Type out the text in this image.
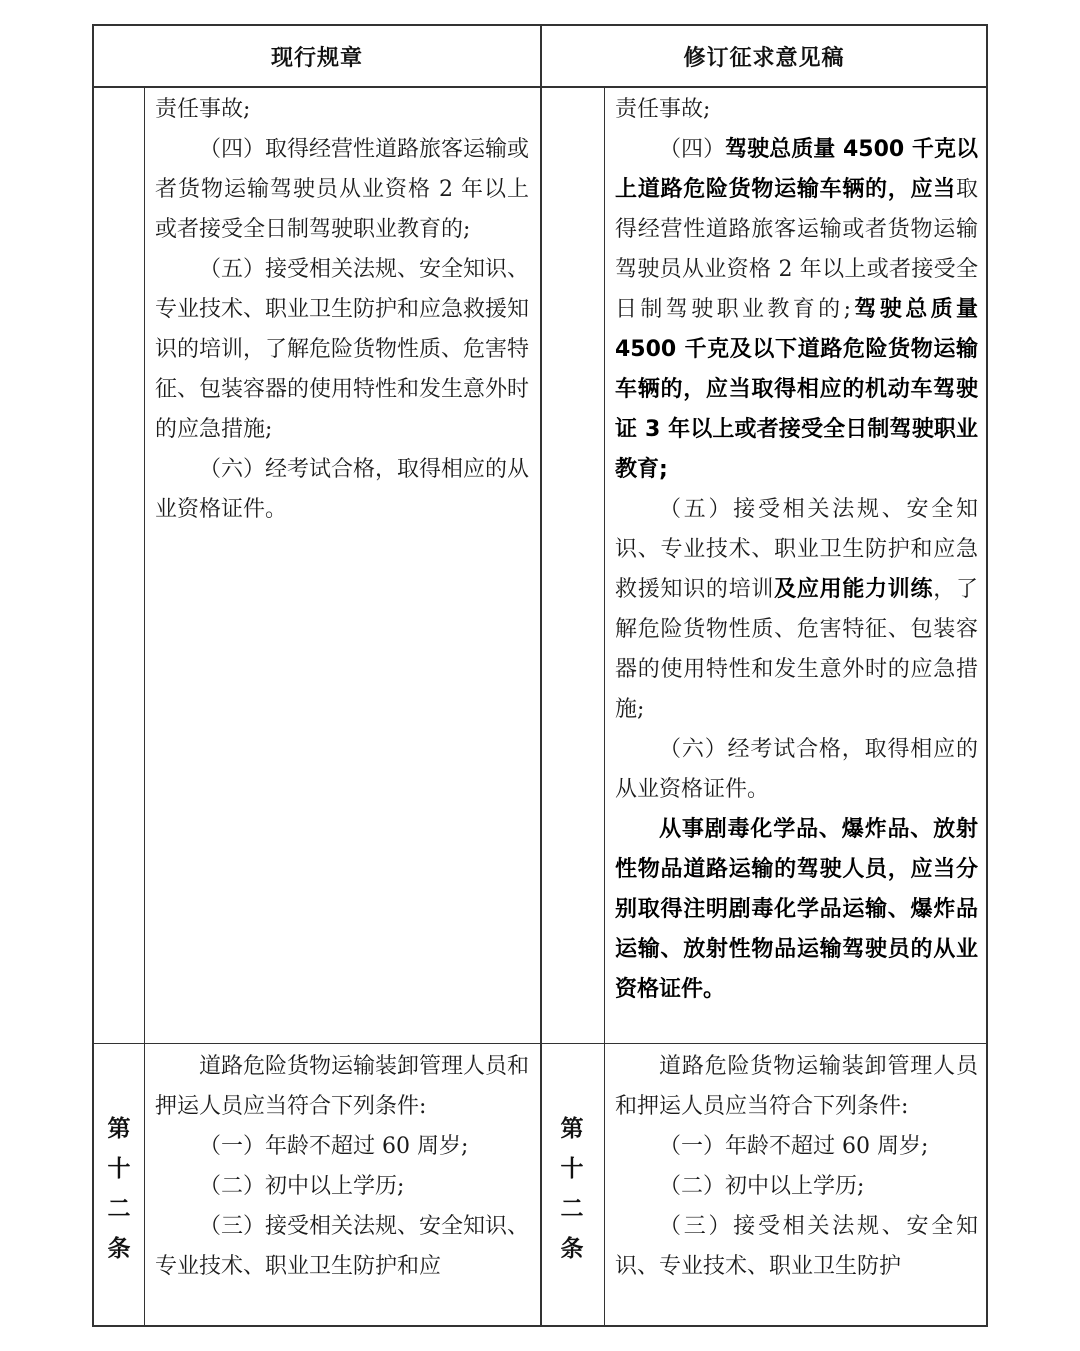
现行规章	修订征求意见稿

责任事故;

（四）取得经营性道路旅客运输或者货物运输驾驶员从业资格 2 年以上或者接受全日制驾驶职业教育的;

（五）接受相关法规、安全知识、专业技术、职业卫生防护和应急救援知识的培训，了解危险货物性质、危害特征、包装容器的使用特性和发生意外时的应急措施;

（六）经考试合格，取得相应的从业资格证件。

责任事故;

（四）驾驶总质量 4500 千克以上道路危险货物运输车辆的，应当取得经营性道路旅客运输或者货物运输驾驶员从业资格 2 年以上或者接受全日制驾驶职业教育的;驾驶总质量 4500 千克及以下道路危险货物运输车辆的，应当取得相应的机动车驾驶证 3 年以上或者接受全日制驾驶职业教育;

（五）接受相关法规、安全知识、专业技术、职业卫生防护和应急救援知识的培训及应用能力训练，了解危险货物性质、危害特征、包装容器的使用特性和发生意外时的应急措施;

（六）经考试合格，取得相应的从业资格证件。

从事剧毒化学品、爆炸品、放射性物品道路运输的驾驶人员，应当分别取得注明剧毒化学品运输、爆炸品运输、放射性物品运输驾驶员的从业资格证件。

第
十
二
条
第
十
二
条

道路危险货物运输装卸管理人员和押运人员应当符合下列条件:

（一）年龄不超过 60 周岁;

（二）初中以上学历;

（三）接受相关法规、安全知识、专业技术、职业卫生防护和应

道路危险货物运输装卸管理人员和押运人员应当符合下列条件:

（一）年龄不超过 60 周岁;

（二）初中以上学历;

（三）接受相关法规、安全知识、专业技术、职业卫生防护
